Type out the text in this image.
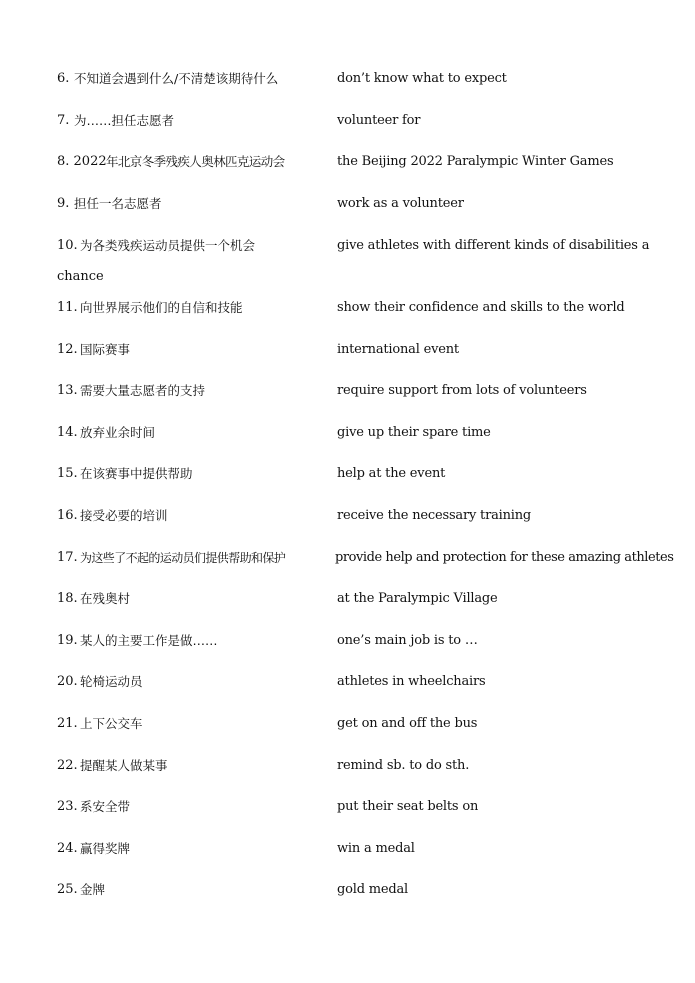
6. 不知道会遇到什么/不清楚该期待什么	don’t know what to expect
7. 为……担任志愿者	volunteer for
8. 2022 年北京冬季残疾人奥林匹克运动会	the Beijing 2022 Paralympic Winter Games
9. 担任一名志愿者	work as a volunteer
10. 为各类残疾运动员提供一个机会	give athletes with different kinds of disabilities a
chance
11. 向世界展示他们的自信和技能	show their confidence and skills to the world
12. 国际赛事	international event
13. 需要大量志愿者的支持	require support from lots of volunteers
14. 放弃业余时间	give up their spare time
15. 在该赛事中提供帮助	help at the event
16. 接受必要的培训	receive the necessary training
17. 为这些了不起的运动员们提供帮助和保护	provide help and protection for these amazing athletes
18. 在残奥村	at the Paralympic Village
19. 某人的主要工作是做……	one’s main job is to …
20. 轮椅运动员	athletes in wheelchairs
21. 上下公交车	get on and off the bus
22. 提醒某人做某事	remind sb. to do sth.
23. 系安全带	put their seat belts on
24. 赢得奖牌	win a medal
25. 金牌	gold medal
